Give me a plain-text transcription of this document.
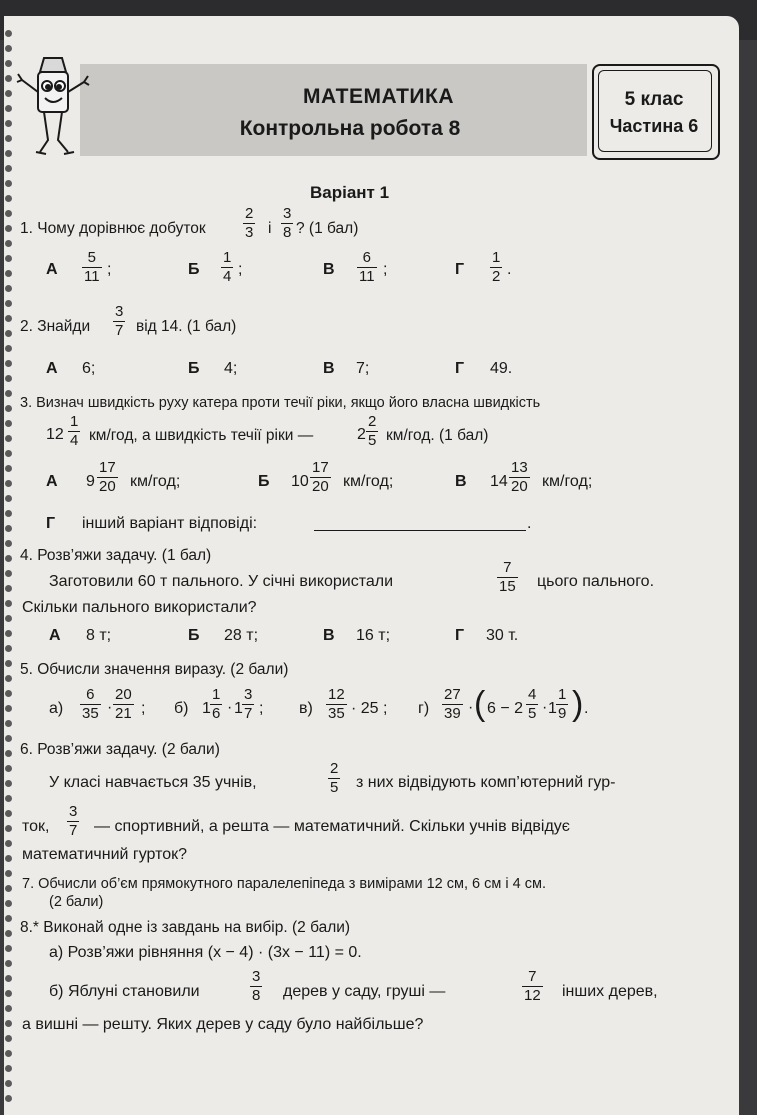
МАТЕМАТИКА
Контрольна робота 8
5 клас
Частина 6
Варіант 1
1. Чому дорівнює добуток
2
3 і
3
8 ? (1 бал)
А
5
11 ;	Б
1
4 ;	В
6
11 ;	Г
1
2 .
2. Знайди
3
7 від 14. (1 бал)
А 6;	Б 4;	В 7;	Г 49.
3. Визнач швидкість руху катера проти течії ріки, якщо його власна швидкість
12
1
4 км/год, а швидкість течії ріки —	2
2
5 км/год. (1 бал)
А 9
17
20 км/год;	Б 10
17
20 км/год;	В 14
13
20 км/год;
Г інший варіант відповіді:	.
4. Розв’яжи задачу. (1 бал)
Заготовили 60 т пального. У січні використали
7
15 цього пального.
Скільки пального використали?
А 8 т;	Б 28 т;	В 16 т;	Г 30 т.
5. Обчисли значення виразу. (2 бали)
а)
6
35 ·
20
21 ; б) 1
1
6 · 1
3
7 ; в)
12
35 · 25 ; г)
27
39 · ( 6 − 2
4
5 · 1
1
9 ) .
6. Розв’яжи задачу. (2 бали)
У класі навчається 35 учнів,
2
5 з них відвідують комп’ютерний гур-
ток,
3
7 — спортивний, а решта — математичний. Скільки учнів відвідує
математичний гурток?
7. Обчисли об’єм прямокутного паралелепіпеда з вимірами 12 см, 6 см і 4 см.
(2 бали)
8.* Виконай одне із завдань на вибір. (2 бали)
а) Розв’яжи рівняння (x − 4) · (3x − 11) = 0.
б) Яблуні становили
3
8 дерев у саду, груші —
7
12 інших дерев,
а вишні — решту. Яких дерев у саду було найбільше?
